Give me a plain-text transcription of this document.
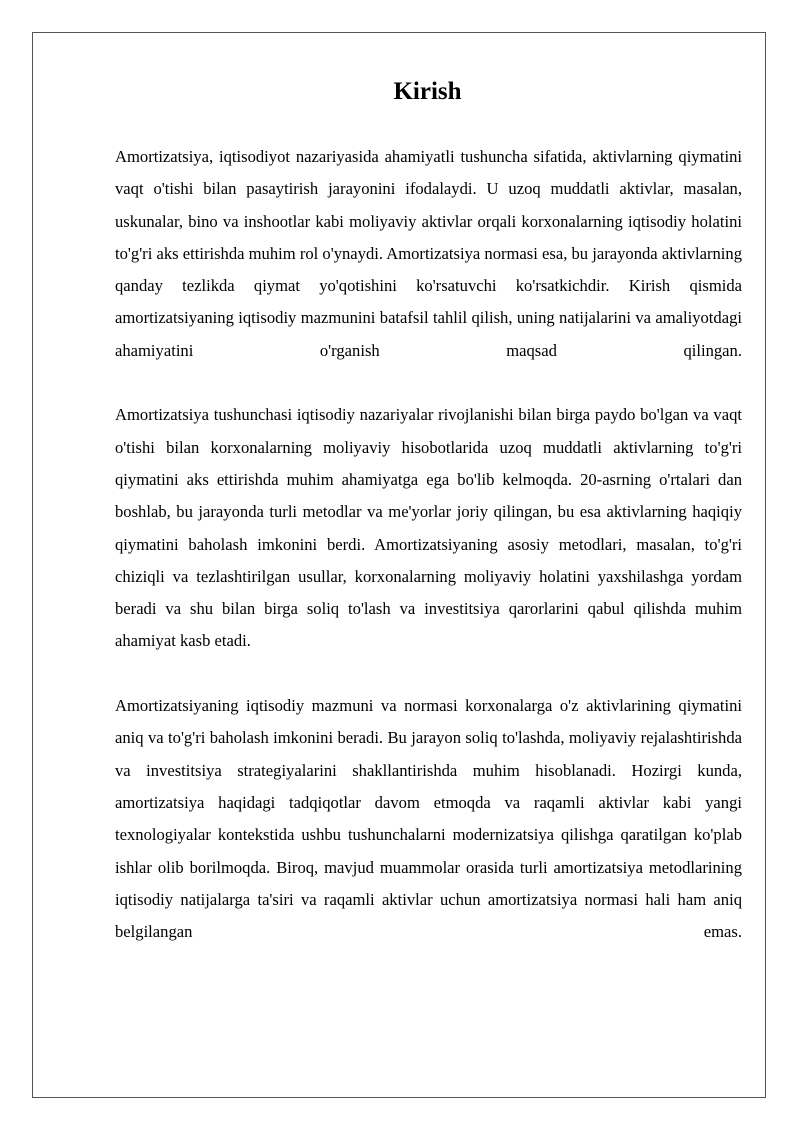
Kirish

Amortizatsiya, iqtisodiyot nazariyasida ahamiyatli tushuncha sifatida, aktivlarning qiymatini vaqt o'tishi bilan pasaytirish jarayonini ifodalaydi. U uzoq muddatli aktivlar, masalan, uskunalar, bino va inshootlar kabi moliyaviy aktivlar orqali korxonalarning iqtisodiy holatini to'g'ri aks ettirishda muhim rol o'ynaydi. Amortizatsiya normasi esa, bu jarayonda aktivlarning qanday tezlikda qiymat yo'qotishini ko'rsatuvchi ko'rsatkichdir. Kirish qismida amortizatsiyaning iqtisodiy mazmunini batafsil tahlil qilish, uning natijalarini va amaliyotdagi ahamiyatini o'rganish maqsad qilingan.

Amortizatsiya tushunchasi iqtisodiy nazariyalar rivojlanishi bilan birga paydo bo'lgan va vaqt o'tishi bilan korxonalarning moliyaviy hisobotlarida uzoq muddatli aktivlarning to'g'ri qiymatini aks ettirishda muhim ahamiyatga ega bo'lib kelmoqda. 20-asrning o'rtalari dan boshlab, bu jarayonda turli metodlar va me'yorlar joriy qilingan, bu esa aktivlarning haqiqiy qiymatini baholash imkonini berdi. Amortizatsiyaning asosiy metodlari, masalan, to'g'ri chiziqli va tezlashtirilgan usullar, korxonalarning moliyaviy holatini yaxshilashga yordam beradi va shu bilan birga soliq to'lash va investitsiya qarorlarini qabul qilishda muhim ahamiyat kasb etadi.

Amortizatsiyaning iqtisodiy mazmuni va normasi korxonalarga o'z aktivlarining qiymatini aniq va to'g'ri baholash imkonini beradi. Bu jarayon soliq to'lashda, moliyaviy rejalashtirishda va investitsiya strategiyalarini shakllantirishda muhim hisoblanadi. Hozirgi kunda, amortizatsiya haqidagi tadqiqotlar davom etmoqda va raqamli aktivlar kabi yangi texnologiyalar kontekstida ushbu tushunchalarni modernizatsiya qilishga qaratilgan ko'plab ishlar olib borilmoqda. Biroq, mavjud muammolar orasida turli amortizatsiya metodlarining iqtisodiy natijalarga ta'siri va raqamli aktivlar uchun amortizatsiya normasi hali ham aniq belgilangan emas.
